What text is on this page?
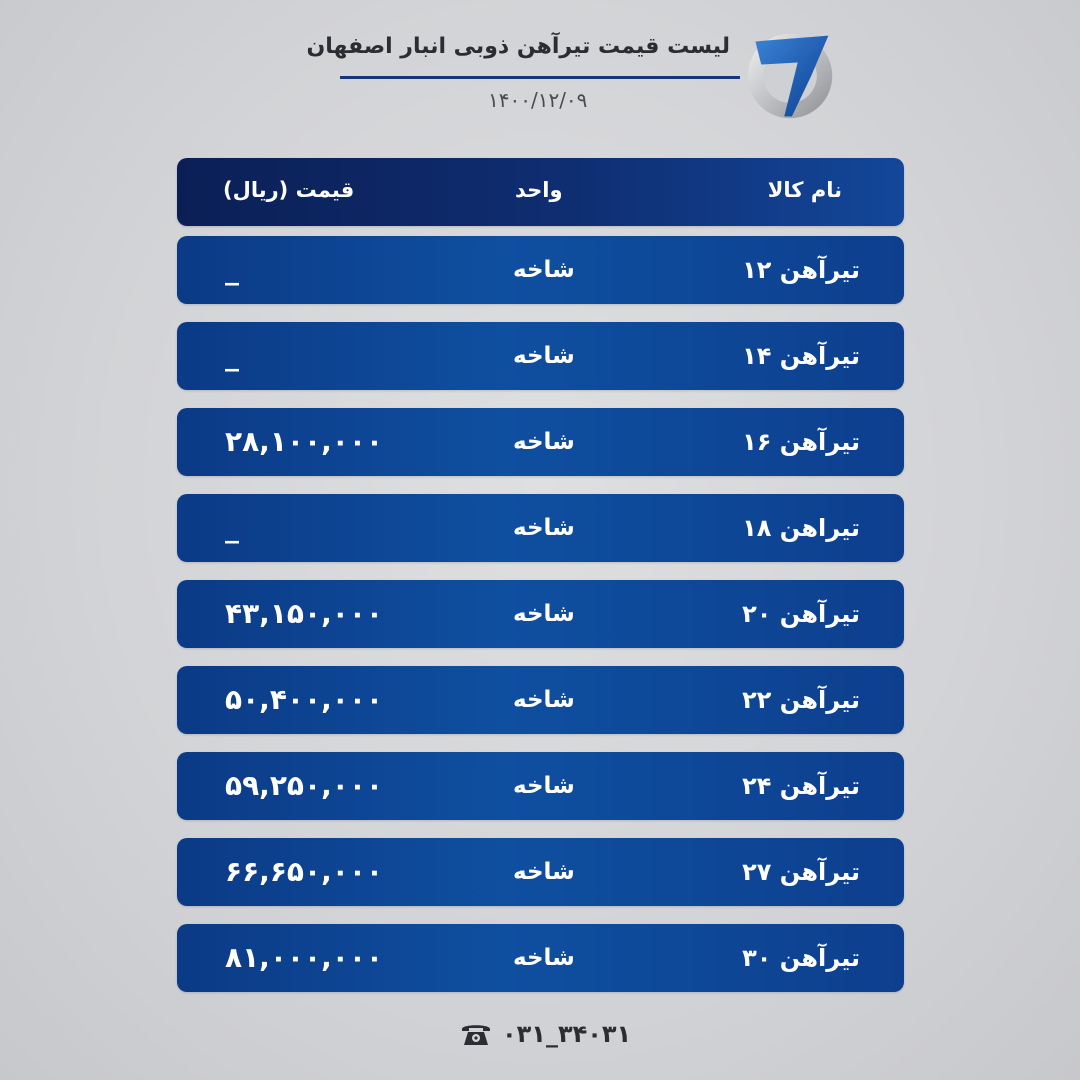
لیست قیمت تیرآهن ذوبی انبار اصفهان
۱۴۰۰/۱۲/۰۹
نام کالا
واحد
قیمت (ریال)
تیرآهن ۱۲
شاخه
_
تیرآهن ۱۴
شاخه
_
تیرآهن ۱۶
شاخه
۲۸,۱۰۰,۰۰۰
تیراهن ۱۸
شاخه
_
تیرآهن ۲۰
شاخه
۴۳,۱۵۰,۰۰۰
تیرآهن ۲۲
شاخه
۵۰,۴۰۰,۰۰۰
تیرآهن ۲۴
شاخه
۵۹,۲۵۰,۰۰۰
تیرآهن ۲۷
شاخه
۶۶,۶۵۰,۰۰۰
تیرآهن ۳۰
شاخه
۸۱,۰۰۰,۰۰۰
۰۳۱_۳۴۰۳۱
